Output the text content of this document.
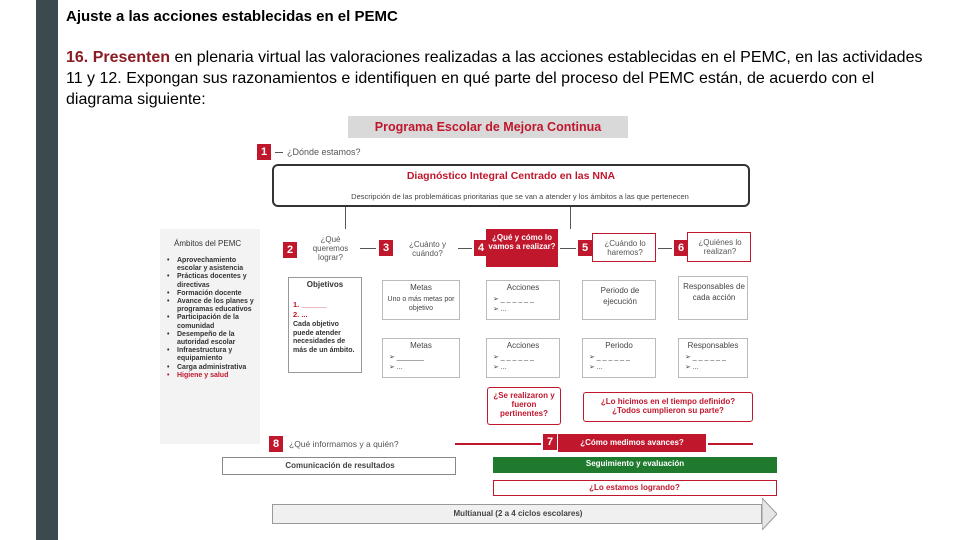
Ajuste a las acciones establecidas en el PEMC
16. Presenten en plenaria virtual las valoraciones realizadas a las acciones establecidas en el PEMC, en las actividades 11 y 12. Expongan sus razonamientos e identifiquen en qué parte del proceso del PEMC están, de acuerdo con el diagrama siguiente:
Programa Escolar de Mejora Continua
1	¿Dónde estamos?
Diagnóstico Integral Centrado en las NNA
Descripción de las problemáticas prioritarias que se van a atender y los ámbitos a las que pertenecen
Ámbitos del PEMC
• Aprovechamiento escolar y asistencia
• Prácticas docentes y directivas
• Formación docente
• Avance de los planes y programas educativos
• Participación de la comunidad
• Desempeño de la autoridad escolar
• Infraestructura y equipamiento
• Carga administrativa
• Higiene y salud
2
¿Qué queremos lograr?
3	¿Cuánto y cuándo?	4
¿Qué y cómo lo vamos a realizar?	5	¿Cuándo lo haremos?	6	¿Quiénes lo realizan?
Objetivos
1. ______
2. ...
Cada objetivo puede atender necesidades de más de un ámbito.
Metas
Uno o más metas por objetivo
Acciones
➢ _ _ _ _ _ _
➢ ...
Periodo de ejecución
Responsables de cada acción
Metas
➢ _______
➢ ...
Acciones
➢ _ _ _ _ _ _
➢ ...
Periodo
➢ _ _ _ _ _ _
➢ ...
Responsables
➢ _ _ _ _ _ _
➢ ...
¿Se realizaron y fueron pertinentes?
¿Lo hicimos en el tiempo definido? ¿Todos cumplieron su parte?
7	¿Cómo medimos avances?
8	¿Qué informamos y a quién?
Comunicación de resultados	Seguimiento y evaluación
¿Lo estamos logrando?
Multianual (2 a 4 ciclos escolares)
